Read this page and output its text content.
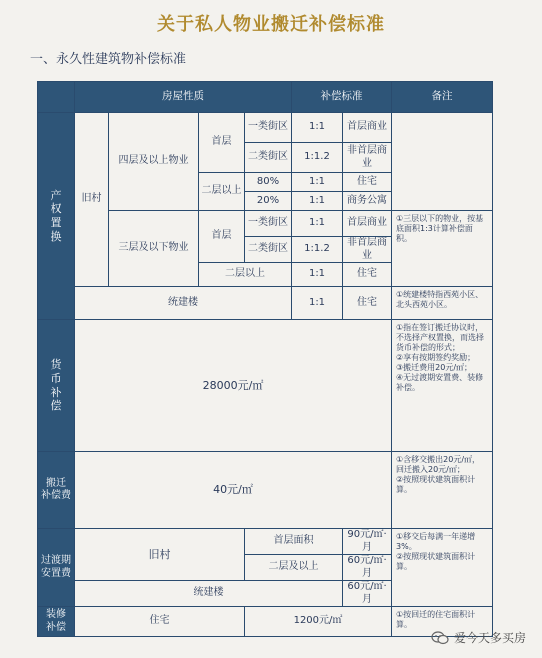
关于私人物业搬迁补偿标准
一、永久性建筑物补偿标准
	房屋性质				补偿标准		备注
产
权
置
换	旧村	四层及以上物业	首层	一类街区	1:1	首层商业	
				二类街区	1:1.2	非首层商业	
			二层以上	80%	1:1	住宅	
				20%	1:1	商务公寓	
		三层及以下物业	首层	一类街区	1:1	首层商业	①三层以下的物业，按基底面积1:3计算补偿面积。
				二类街区	1:1.2	非首层商业	
			二层以上		1:1	住宅	
	统建楼				1:1	住宅	①统建楼特指西苑小区、北头西苑小区。
货
币
补
偿	28000元/㎡						①指在签订搬迁协议时，不选择产权置换，而选择货币补偿的形式；
②享有按期签约奖励；
③搬迁费用20元/㎡；
④无过渡期安置费、装修补偿。
搬迁
补偿费	40元/㎡						①含移交搬出20元/㎡，回迁搬入20元/㎡；
②按照现状建筑面积计算。
过渡期
安置费	旧村			首层面积		90元/㎡·月	①移交后每满一年递增3%。
②按照现状建筑面积计算。
				二层及以上		60元/㎡·月	
	统建楼					60元/㎡·月	
装修
补偿	住宅			1200元/㎡			①按回迁的住宅面积计算。
爱今天多买房
